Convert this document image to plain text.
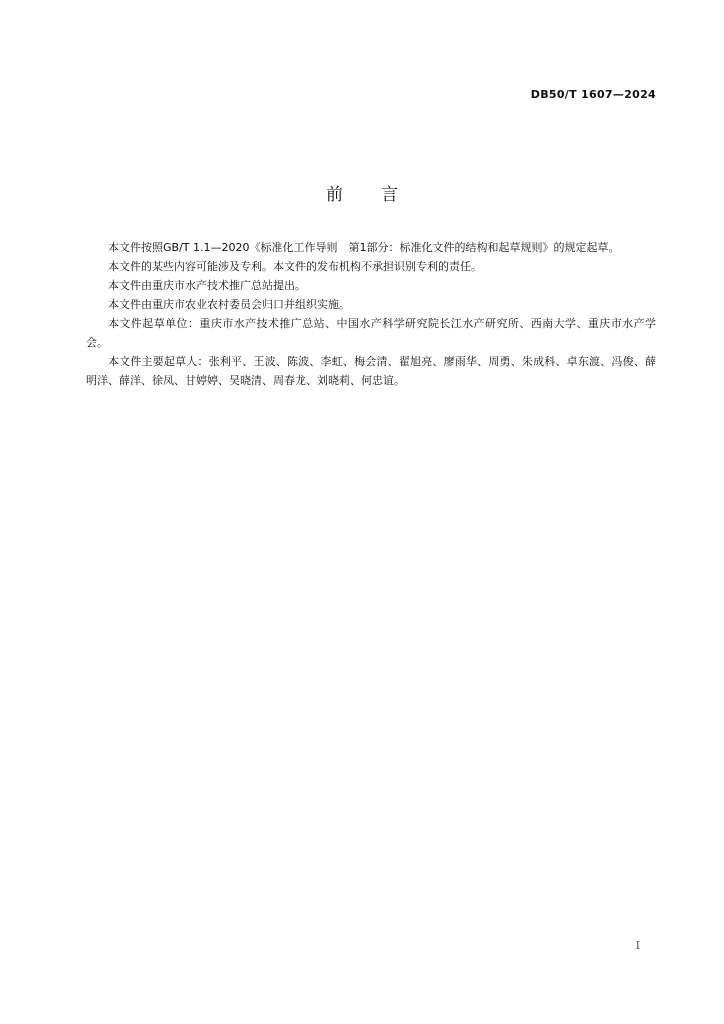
DB50/T 1607—2024
前言

本文件按照GB/T 1.1—2020《标准化工作导则　第1部分：标准化文件的结构和起草规则》的规定起草。

本文件的某些内容可能涉及专利。本文件的发布机构不承担识别专利的责任。

本文件由重庆市水产技术推广总站提出。

本文件由重庆市农业农村委员会归口并组织实施。

本文件起草单位：重庆市水产技术推广总站、中国水产科学研究院长江水产研究所、西南大学、重庆市水产学会。

本文件主要起草人：张利平、王波、陈波、李虹、梅会清、翟旭亮、廖雨华、周勇、朱成科、卓东渡、冯俊、薛明洋、薛洋、徐凤、甘婷婷、吴晓清、周春龙、刘晓莉、何忠谊。

I
